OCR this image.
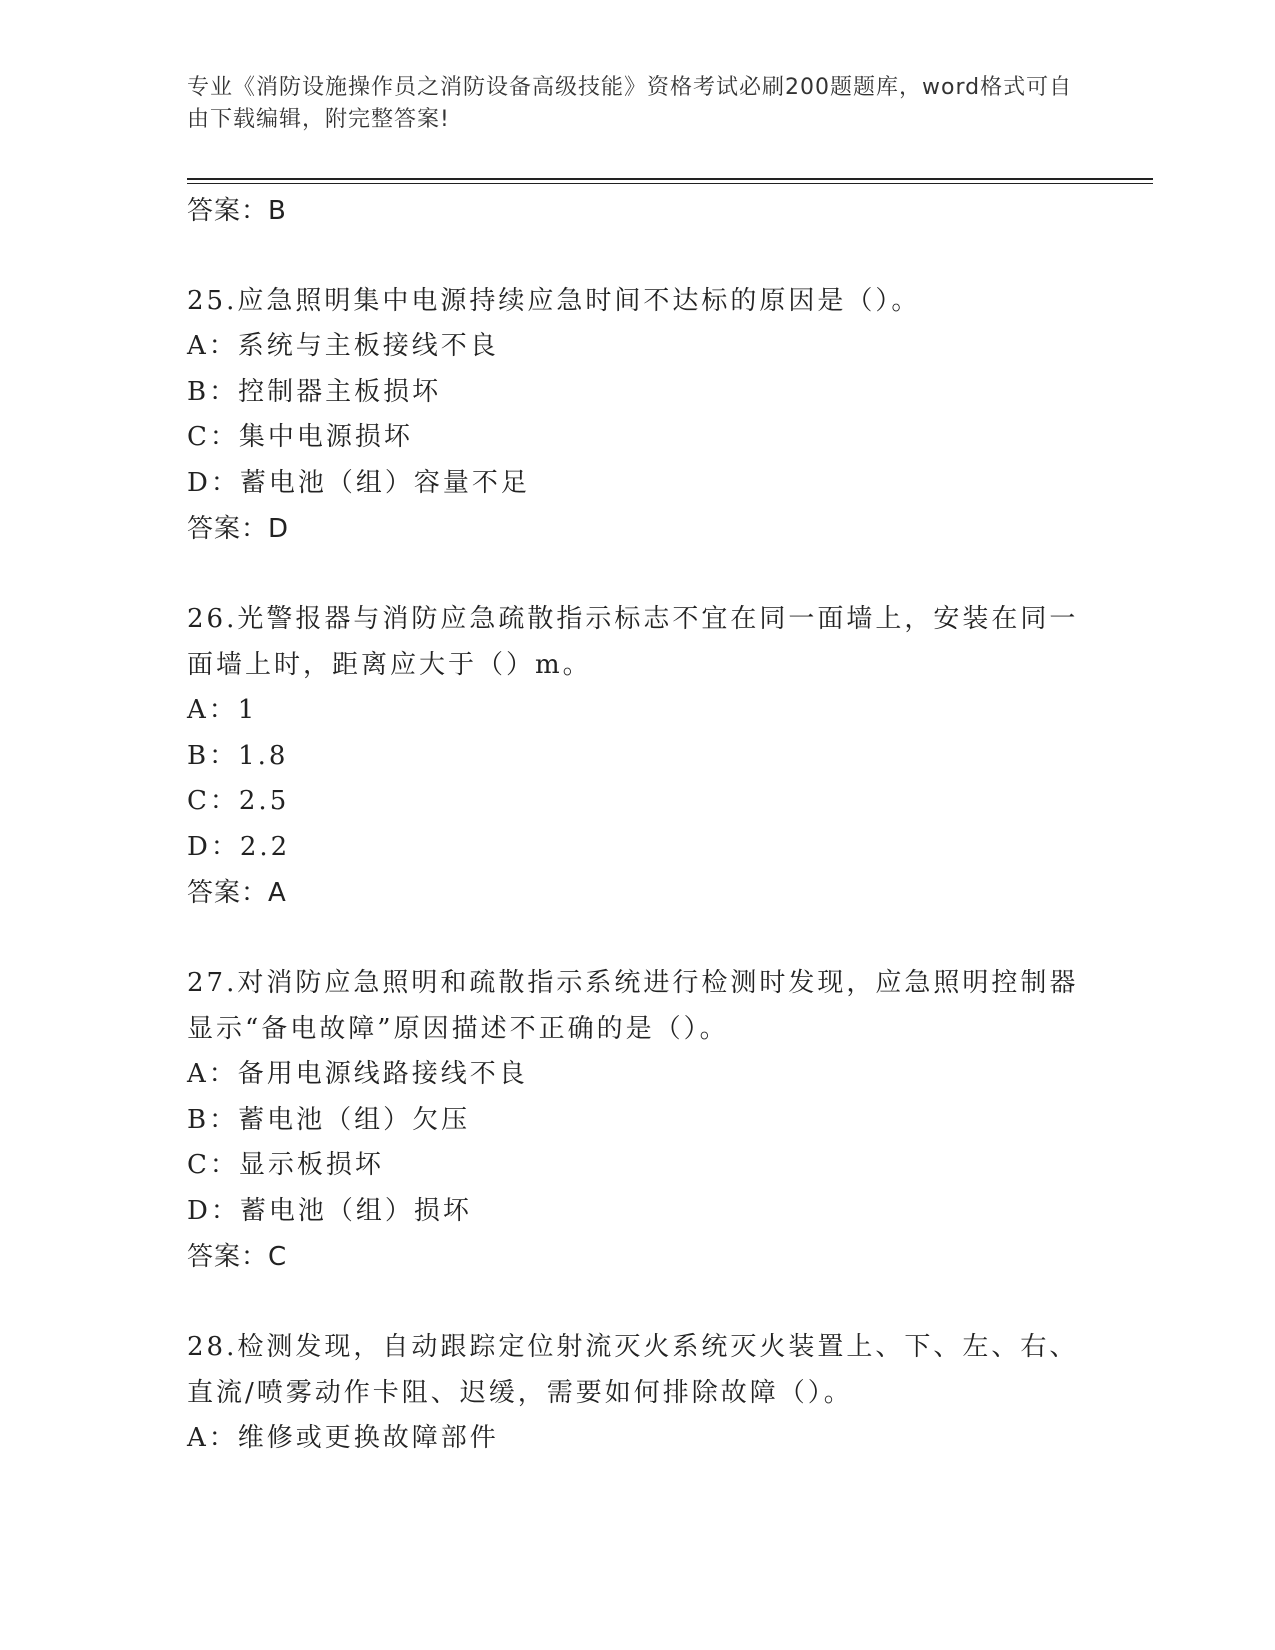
专业《消防设施操作员之消防设备高级技能》资格考试必刷200题题库，word格式可自由下载编辑，附完整答案!

答案：B

25.应急照明集中电源持续应急时间不达标的原因是（）。

A：系统与主板接线不良

B：控制器主板损坏

C：集中电源损坏

D：蓄电池（组）容量不足

答案：D

26.光警报器与消防应急疏散指示标志不宜在同一面墙上，安装在同一面墙上时，距离应大于（）m。

A：1

B：1.8

C：2.5

D：2.2

答案：A

27.对消防应急照明和疏散指示系统进行检测时发现，应急照明控制器显示“备电故障”原因描述不正确的是（）。

A：备用电源线路接线不良

B：蓄电池（组）欠压

C：显示板损坏

D：蓄电池（组）损坏

答案：C

28.检测发现，自动跟踪定位射流灭火系统灭火装置上、下、左、右、直流/喷雾动作卡阻、迟缓，需要如何排除故障（）。

A：维修或更换故障部件
